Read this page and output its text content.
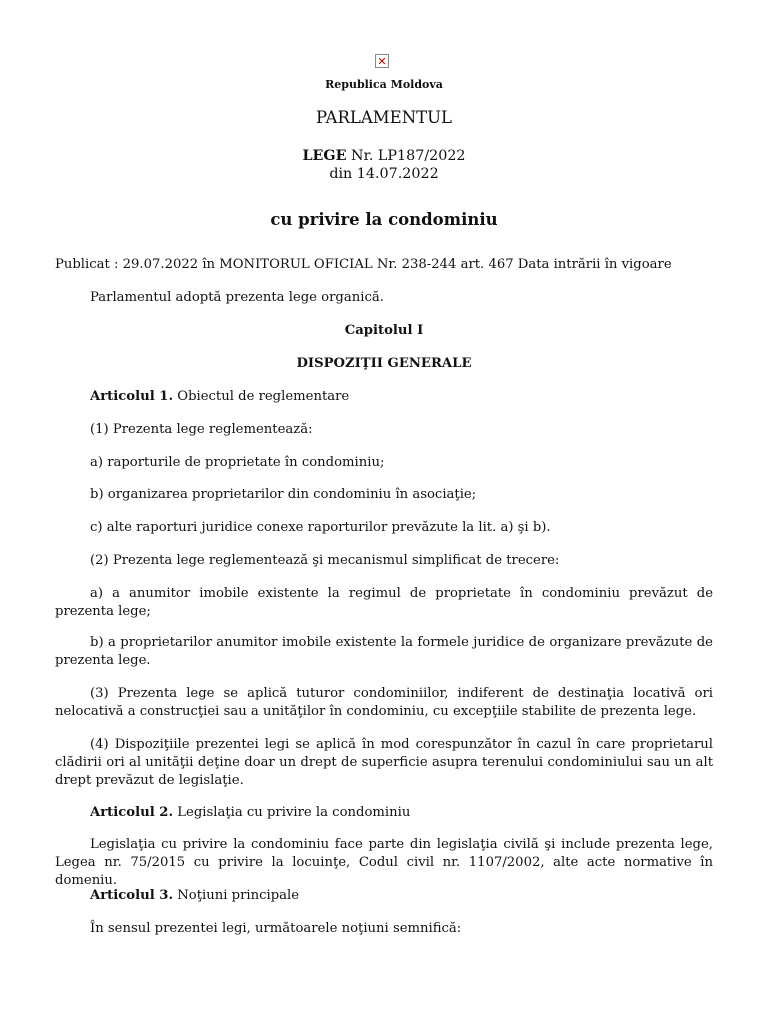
✕
Republica Moldova
PARLAMENTUL
LEGE Nr. LP187/2022
din 14.07.2022
cu privire la condominiu
Publicat : 29.07.2022 în MONITORUL OFICIAL Nr. 238-244 art. 467 Data intrării în vigoare
Parlamentul adoptă prezenta lege organică.
Capitolul I
DISPOZIŢII GENERALE
Articolul 1. Obiectul de reglementare
(1) Prezenta lege reglementează:
a) raporturile de proprietate în condominiu;
b) organizarea proprietarilor din condominiu în asociaţie;
c) alte raporturi juridice conexe raporturilor prevăzute la lit. a) şi b).
(2) Prezenta lege reglementează şi mecanismul simplificat de trecere:
a) a anumitor imobile existente la regimul de proprietate în condominiu prevăzut de prezenta lege;
b) a proprietarilor anumitor imobile existente la formele juridice de organizare prevăzute de prezenta lege.
(3) Prezenta lege se aplică tuturor condominiilor, indiferent de destinaţia locativă ori nelocativă a construcţiei sau a unităţilor în condominiu, cu excepţiile stabilite de prezenta lege.
(4) Dispoziţiile prezentei legi se aplică în mod corespunzător în cazul în care proprietarul clădirii ori al unităţii deţine doar un drept de superficie asupra terenului condominiului sau un alt drept prevăzut de legislaţie.
Articolul 2. Legislaţia cu privire la condominiu
Legislaţia cu privire la condominiu face parte din legislaţia civilă şi include prezenta lege, Legea nr. 75/2015 cu privire la locuinţe, Codul civil nr. 1107/2002, alte acte normative în domeniu.
Articolul 3. Noţiuni principale
În sensul prezentei legi, următoarele noţiuni semnifică:
